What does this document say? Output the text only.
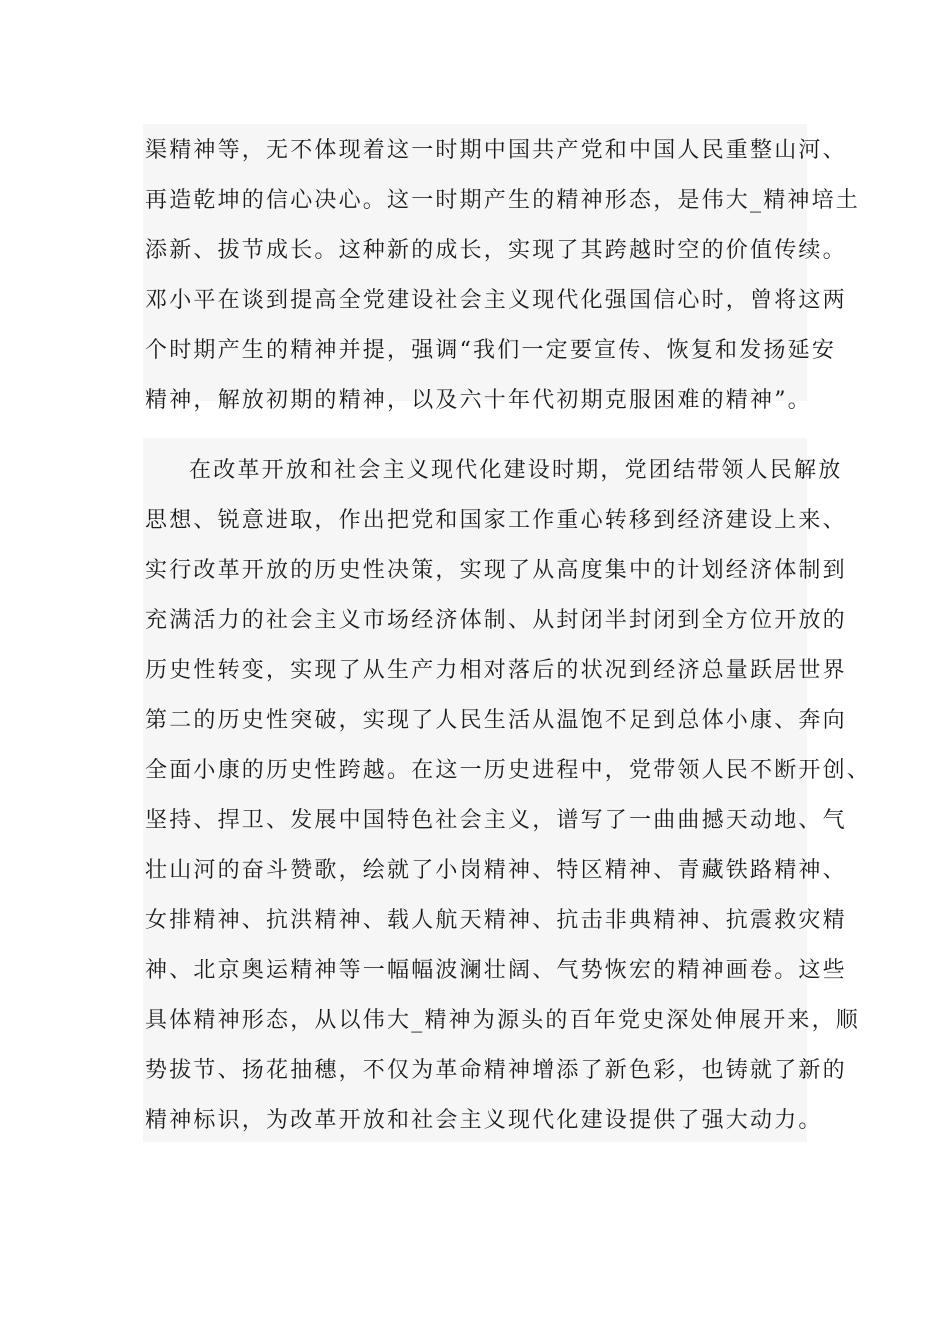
渠精神等，无不体现着这一时期中国共产党和中国人民重整山河、
再造乾坤的信心决心。这一时期产生的精神形态，是伟大_精神培土
添新、拔节成长。这种新的成长，实现了其跨越时空的价值传续。
邓小平在谈到提高全党建设社会主义现代化强国信心时，曾将这两
个时期产生的精神并提，强调“我们一定要宣传、恢复和发扬延安
精神，解放初期的精神，以及六十年代初期克服困难的精神”。
在改革开放和社会主义现代化建设时期，党团结带领人民解放
思想、锐意进取，作出把党和国家工作重心转移到经济建设上来、
实行改革开放的历史性决策，实现了从高度集中的计划经济体制到
充满活力的社会主义市场经济体制、从封闭半封闭到全方位开放的
历史性转变，实现了从生产力相对落后的状况到经济总量跃居世界
第二的历史性突破，实现了人民生活从温饱不足到总体小康、奔向
全面小康的历史性跨越。在这一历史进程中，党带领人民不断开创、
坚持、捍卫、发展中国特色社会主义，谱写了一曲曲撼天动地、气
壮山河的奋斗赞歌，绘就了小岗精神、特区精神、青藏铁路精神、
女排精神、抗洪精神、载人航天精神、抗击非典精神、抗震救灾精
神、北京奥运精神等一幅幅波澜壮阔、气势恢宏的精神画卷。这些
具体精神形态，从以伟大_精神为源头的百年党史深处伸展开来，顺
势拔节、扬花抽穗，不仅为革命精神增添了新色彩，也铸就了新的
精神标识，为改革开放和社会主义现代化建设提供了强大动力。
